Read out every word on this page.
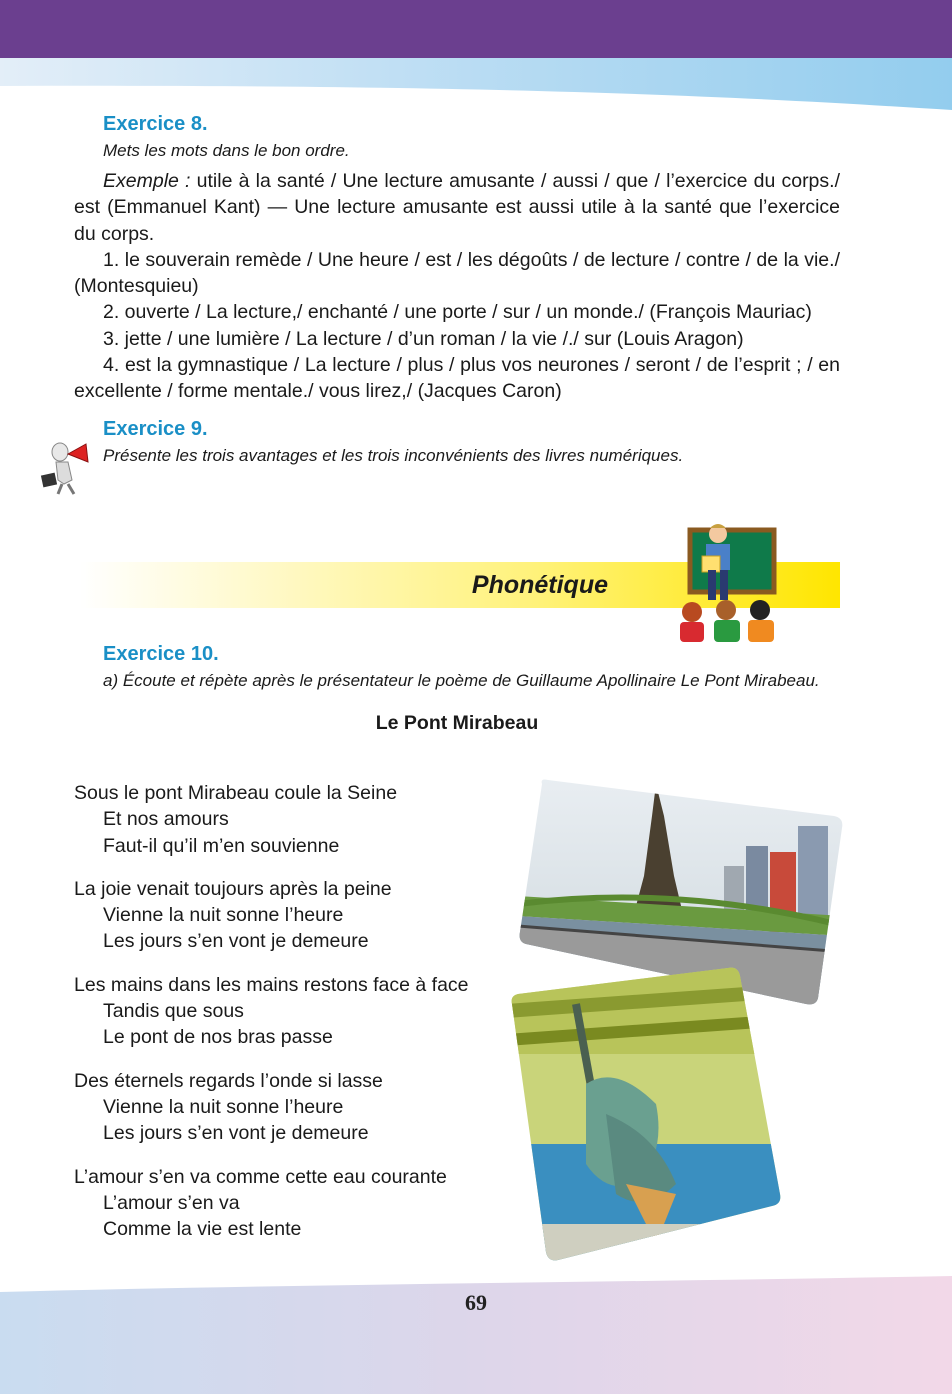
Exercice 8.
Mets les mots dans le bon ordre.

Exemple : utile à la santé / Une lecture amusante / aussi / que / l’exercice du corps./ est (Emmanuel Kant) — Une lecture amusante est aussi utile à la santé que l’exercice du corps.

1. le souverain remède / Une heure / est / les dégoûts / de lecture / contre / de la vie./ (Montesquieu)

2. ouverte / La lecture,/ enchanté / une porte / sur / un monde./ (François Mauriac)

3. jette / une lumière / La lecture / d’un roman / la vie /./ sur (Louis Aragon)

4. est la gymnastique / La lecture / plus / plus vos neurones / seront / de l’esprit ; / en excellente / forme mentale./ vous lirez,/ (Jacques Caron)

Exercice 9.
Présente les trois avantages et les trois inconvénients des livres numériques.
Phonétique
Exercice 10.
a) Écoute et répète après le présentateur le poème de Guillaume Apollinaire Le Pont Mirabeau.
Le Pont Mirabeau
Sous le pont Mirabeau coule la Seine
Et nos amours
Faut-il qu’il m’en souvienne
La joie venait toujours après la peine
Vienne la nuit sonne l’heure
Les jours s’en vont je demeure
Les mains dans les mains restons face à face
Tandis que sous
Le pont de nos bras passe
Des éternels regards l’onde si lasse
Vienne la nuit sonne l’heure
Les jours s’en vont je demeure
L’amour s’en va comme cette eau courante
L’amour s’en va
Comme la vie est lente
69
